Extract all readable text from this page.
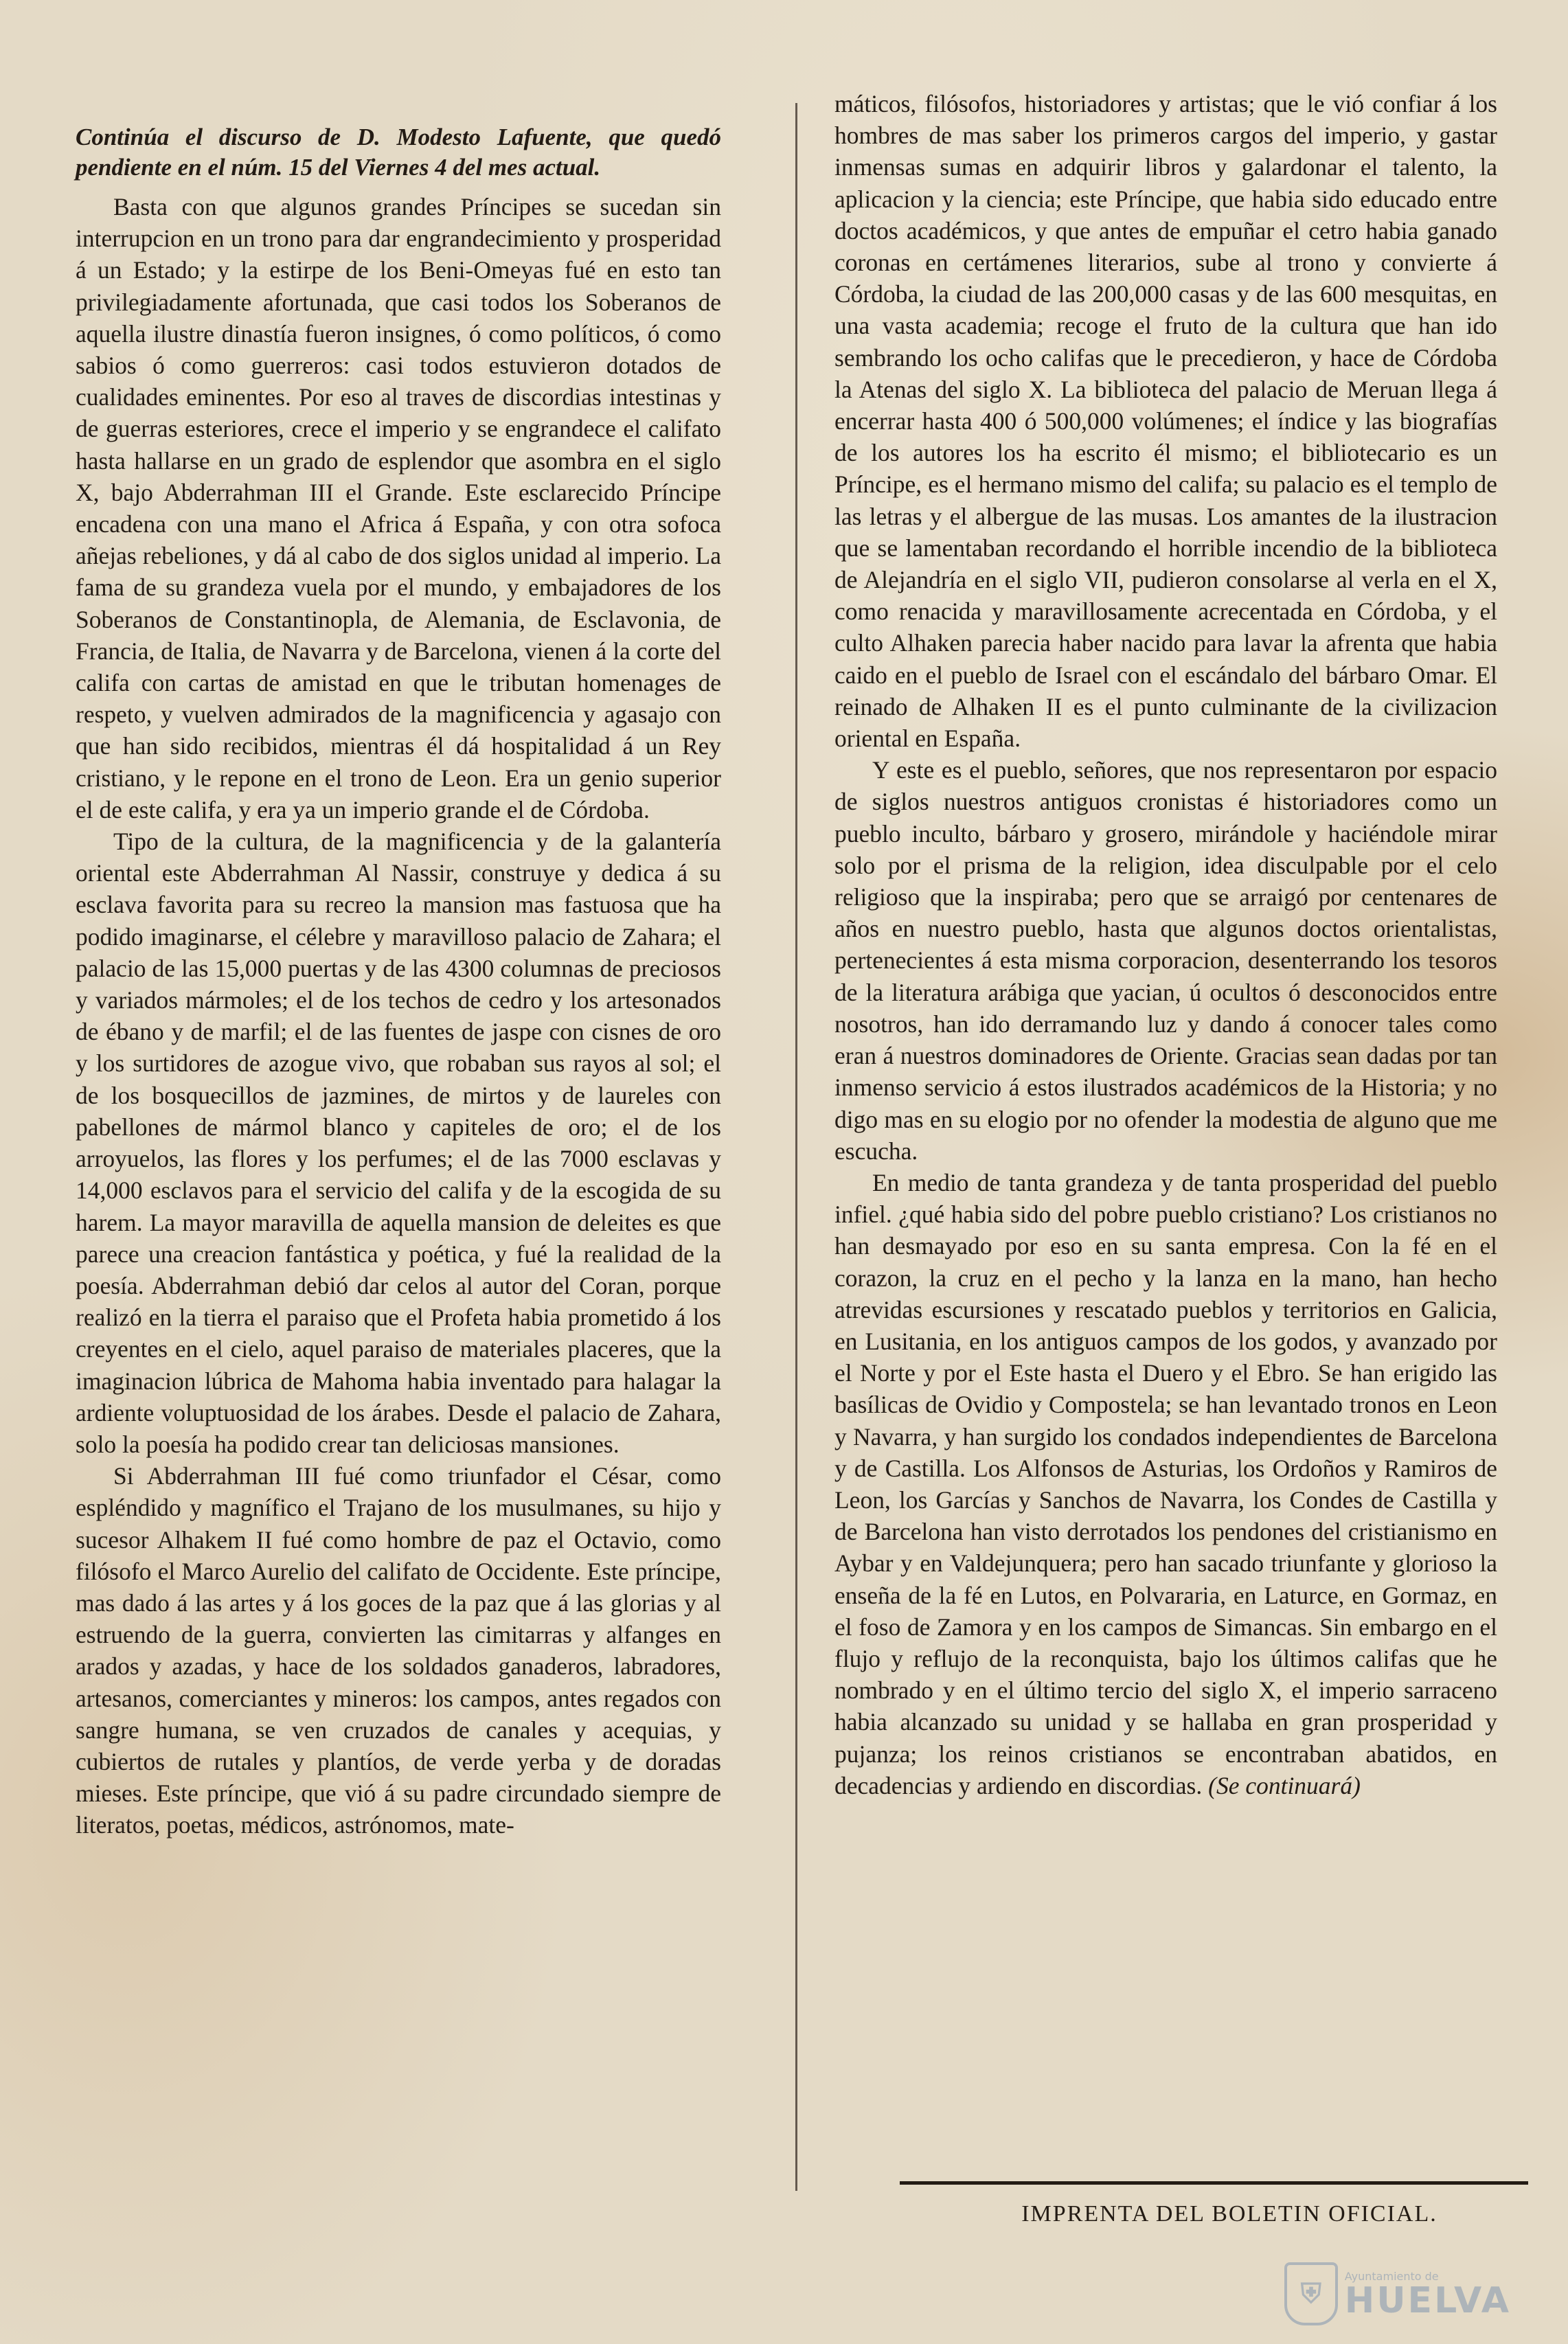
Continúa el discurso de D. Modesto Lafuente, que quedó pendiente en el núm. 15 del Viernes 4 del mes actual.

Basta con que algunos grandes Príncipes se sucedan sin interrupcion en un trono para dar engrandecimiento y prosperidad á un Estado; y la estirpe de los Beni-Omeyas fué en esto tan privilegiadamente afortunada, que casi todos los Soberanos de aquella ilustre dinastía fueron insignes, ó como políticos, ó como sabios ó como guerreros: casi todos estuvieron dotados de cualidades eminentes. Por eso al traves de discordias intestinas y de guerras esteriores, crece el imperio y se engrandece el califato hasta hallarse en un grado de esplendor que asombra en el siglo X, bajo Abderrahman III el Grande. Este esclarecido Príncipe encadena con una mano el Africa á España, y con otra sofoca añejas rebeliones, y dá al cabo de dos siglos unidad al imperio. La fama de su grandeza vuela por el mundo, y embajadores de los Soberanos de Constantinopla, de Alemania, de Esclavonia, de Francia, de Italia, de Navarra y de Barcelona, vienen á la corte del califa con cartas de amistad en que le tributan homenages de respeto, y vuelven admirados de la magnificencia y agasajo con que han sido recibidos, mientras él dá hospitalidad á un Rey cristiano, y le repone en el trono de Leon. Era un genio superior el de este califa, y era ya un imperio grande el de Córdoba.

Tipo de la cultura, de la magnificencia y de la galantería oriental este Abderrahman Al Nassir, construye y dedica á su esclava favorita para su recreo la mansion mas fastuosa que ha podido imaginarse, el célebre y maravilloso palacio de Zahara; el palacio de las 15,000 puertas y de las 4300 columnas de preciosos y variados mármoles; el de los techos de cedro y los artesonados de ébano y de marfil; el de las fuentes de jaspe con cisnes de oro y los surtidores de azogue vivo, que robaban sus rayos al sol; el de los bosquecillos de jazmines, de mirtos y de laureles con pabellones de mármol blanco y capiteles de oro; el de los arroyuelos, las flores y los perfumes; el de las 7000 esclavas y 14,000 esclavos para el servicio del califa y de la escogida de su harem. La mayor maravilla de aquella mansion de deleites es que parece una creacion fantástica y poética, y fué la realidad de la poesía. Abderrahman debió dar celos al autor del Coran, porque realizó en la tierra el paraiso que el Profeta habia prometido á los creyentes en el cielo, aquel paraiso de materiales placeres, que la imaginacion lúbrica de Mahoma habia inventado para halagar la ardiente voluptuosidad de los árabes. Desde el palacio de Zahara, solo la poesía ha podido crear tan deliciosas mansiones.

Si Abderrahman III fué como triunfador el César, como espléndido y magnífico el Trajano de los musulmanes, su hijo y sucesor Alhakem II fué como hombre de paz el Octavio, como filósofo el Marco Aurelio del califato de Occidente. Este príncipe, mas dado á las artes y á los goces de la paz que á las glorias y al estruendo de la guerra, convierten las cimitarras y alfanges en arados y azadas, y hace de los soldados ganaderos, labradores, artesanos, comerciantes y mineros: los campos, antes regados con sangre humana, se ven cruzados de canales y acequias, y cubiertos de rutales y plantíos, de verde yerba y de doradas mieses. Este príncipe, que vió á su padre circundado siempre de literatos, poetas, médicos, astrónomos, mate-

máticos, filósofos, historiadores y artistas; que le vió confiar á los hombres de mas saber los primeros cargos del imperio, y gastar inmensas sumas en adquirir libros y galardonar el talento, la aplicacion y la ciencia; este Príncipe, que habia sido educado entre doctos académicos, y que antes de empuñar el cetro habia ganado coronas en certámenes literarios, sube al trono y convierte á Córdoba, la ciudad de las 200,000 casas y de las 600 mesquitas, en una vasta academia; recoge el fruto de la cultura que han ido sembrando los ocho califas que le precedieron, y hace de Córdoba la Atenas del siglo X. La biblioteca del palacio de Meruan llega á encerrar hasta 400 ó 500,000 volúmenes; el índice y las biografías de los autores los ha escrito él mismo; el bibliotecario es un Príncipe, es el hermano mismo del califa; su palacio es el templo de las letras y el albergue de las musas. Los amantes de la ilustracion que se lamentaban recordando el horrible incendio de la biblioteca de Alejandría en el siglo VII, pudieron consolarse al verla en el X, como renacida y maravillosamente acrecentada en Córdoba, y el culto Alhaken parecia haber nacido para lavar la afrenta que habia caido en el pueblo de Israel con el escándalo del bárbaro Omar. El reinado de Alhaken II es el punto culminante de la civilizacion oriental en España.

Y este es el pueblo, señores, que nos representaron por espacio de siglos nuestros antiguos cronistas é historiadores como un pueblo inculto, bárbaro y grosero, mirándole y haciéndole mirar solo por el prisma de la religion, idea disculpable por el celo religioso que la inspiraba; pero que se arraigó por centenares de años en nuestro pueblo, hasta que algunos doctos orientalistas, pertenecientes á esta misma corporacion, desenterrando los tesoros de la literatura arábiga que yacian, ú ocultos ó desconocidos entre nosotros, han ido derramando luz y dando á conocer tales como eran á nuestros dominadores de Oriente. Gracias sean dadas por tan inmenso servicio á estos ilustrados académicos de la Historia; y no digo mas en su elogio por no ofender la modestia de alguno que me escucha.

En medio de tanta grandeza y de tanta prosperidad del pueblo infiel. ¿qué habia sido del pobre pueblo cristiano? Los cristianos no han desmayado por eso en su santa empresa. Con la fé en el corazon, la cruz en el pecho y la lanza en la mano, han hecho atrevidas escursiones y rescatado pueblos y territorios en Galicia, en Lusitania, en los antiguos campos de los godos, y avanzado por el Norte y por el Este hasta el Duero y el Ebro. Se han erigido las basílicas de Ovidio y Compostela; se han levantado tronos en Leon y Navarra, y han surgido los condados independientes de Barcelona y de Castilla. Los Alfonsos de Asturias, los Ordoños y Ramiros de Leon, los Garcías y Sanchos de Navarra, los Condes de Castilla y de Barcelona han visto derrotados los pendones del cristianismo en Aybar y en Valdejunquera; pero han sacado triunfante y glorioso la enseña de la fé en Lutos, en Polvararia, en Laturce, en Gormaz, en el foso de Zamora y en los campos de Simancas. Sin embargo en el flujo y reflujo de la reconquista, bajo los últimos califas que he nombrado y en el último tercio del siglo X, el imperio sarraceno habia alcanzado su unidad y se hallaba en gran prosperidad y pujanza; los reinos cristianos se encontraban abatidos, en decadencias y ardiendo en discordias. (Se continuará)

IMPRENTA DEL BOLETIN OFICIAL.
⛨
Ayuntamiento de
HUELVA
